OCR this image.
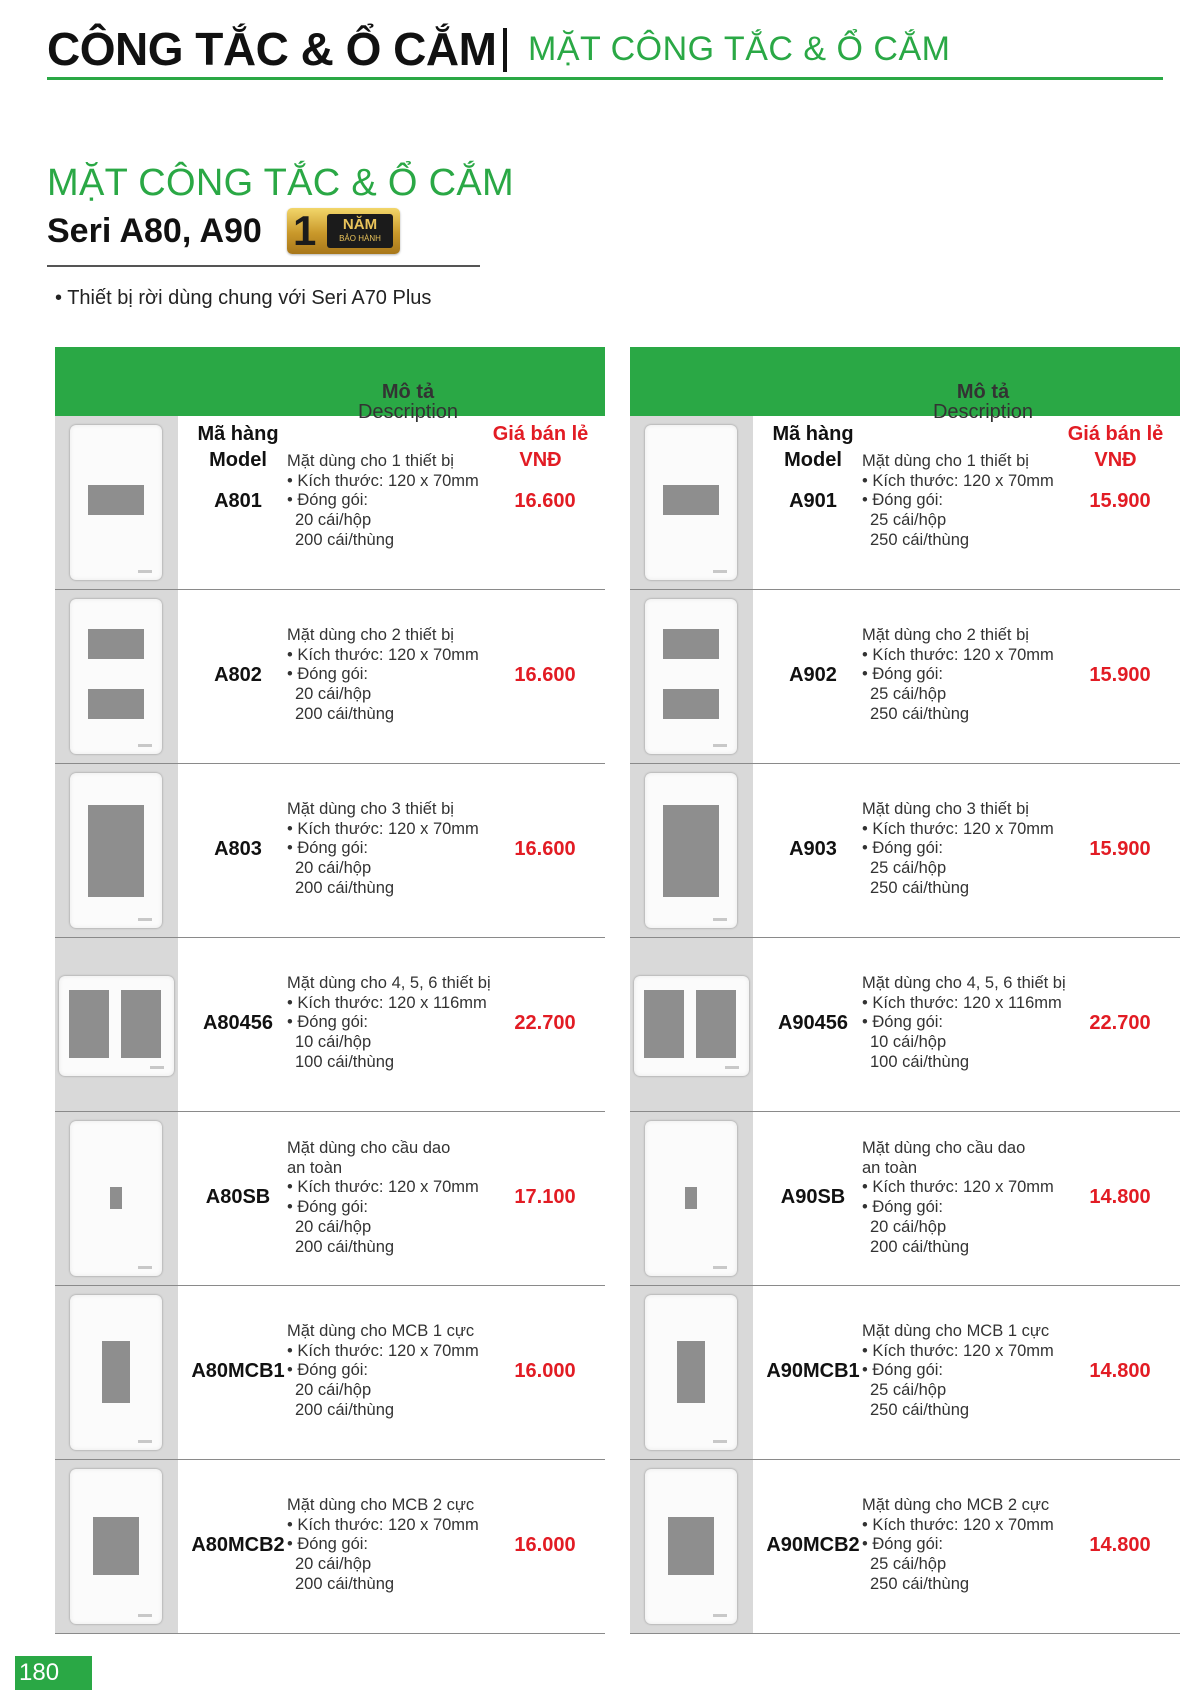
CÔNG TẮC & Ổ CẮM MẶT CÔNG TẮC & Ổ CẮM
MẶT CÔNG TẮC & Ổ CẮM
Seri A80, A90 1	NĂM
BẢO HÀNH
• Thiết bị rời dùng chung với Seri A70 Plus
Mã hàng
Model
Mô tả
Description
Giá bán lẻ
VNĐ
A801
Mặt dùng cho 1 thiết bị
• Kích thước: 120 x 70mm
• Đóng gói:
20 cái/hộp
200 cái/thùng
16.600
A802
Mặt dùng cho 2 thiết bị
• Kích thước: 120 x 70mm
• Đóng gói:
20 cái/hộp
200 cái/thùng
16.600
A803
Mặt dùng cho 3 thiết bị
• Kích thước: 120 x 70mm
• Đóng gói:
20 cái/hộp
200 cái/thùng
16.600
A80456
Mặt dùng cho 4, 5, 6 thiết bị
• Kích thước: 120 x 116mm
• Đóng gói:
10 cái/hộp
100 cái/thùng
22.700
A80SB
Mặt dùng cho cầu dao
an toàn
• Kích thước: 120 x 70mm
• Đóng gói:
20 cái/hộp
200 cái/thùng
17.100
A80MCB1
Mặt dùng cho MCB 1 cực
• Kích thước: 120 x 70mm
• Đóng gói:
20 cái/hộp
200 cái/thùng
16.000
A80MCB2
Mặt dùng cho MCB 2 cực
• Kích thước: 120 x 70mm
• Đóng gói:
20 cái/hộp
200 cái/thùng
16.000
Mã hàng
Model
Mô tả
Description
Giá bán lẻ
VNĐ
A901
Mặt dùng cho 1 thiết bị
• Kích thước: 120 x 70mm
• Đóng gói:
25 cái/hộp
250 cái/thùng
15.900
A902
Mặt dùng cho 2 thiết bị
• Kích thước: 120 x 70mm
• Đóng gói:
25 cái/hộp
250 cái/thùng
15.900
A903
Mặt dùng cho 3 thiết bị
• Kích thước: 120 x 70mm
• Đóng gói:
25 cái/hộp
250 cái/thùng
15.900
A90456
Mặt dùng cho 4, 5, 6 thiết bị
• Kích thước: 120 x 116mm
• Đóng gói:
10 cái/hộp
100 cái/thùng
22.700
A90SB
Mặt dùng cho cầu dao
an toàn
• Kích thước: 120 x 70mm
• Đóng gói:
20 cái/hộp
200 cái/thùng
14.800
A90MCB1
Mặt dùng cho MCB 1 cực
• Kích thước: 120 x 70mm
• Đóng gói:
25 cái/hộp
250 cái/thùng
14.800
A90MCB2
Mặt dùng cho MCB 2 cực
• Kích thước: 120 x 70mm
• Đóng gói:
25 cái/hộp
250 cái/thùng
14.800
180
